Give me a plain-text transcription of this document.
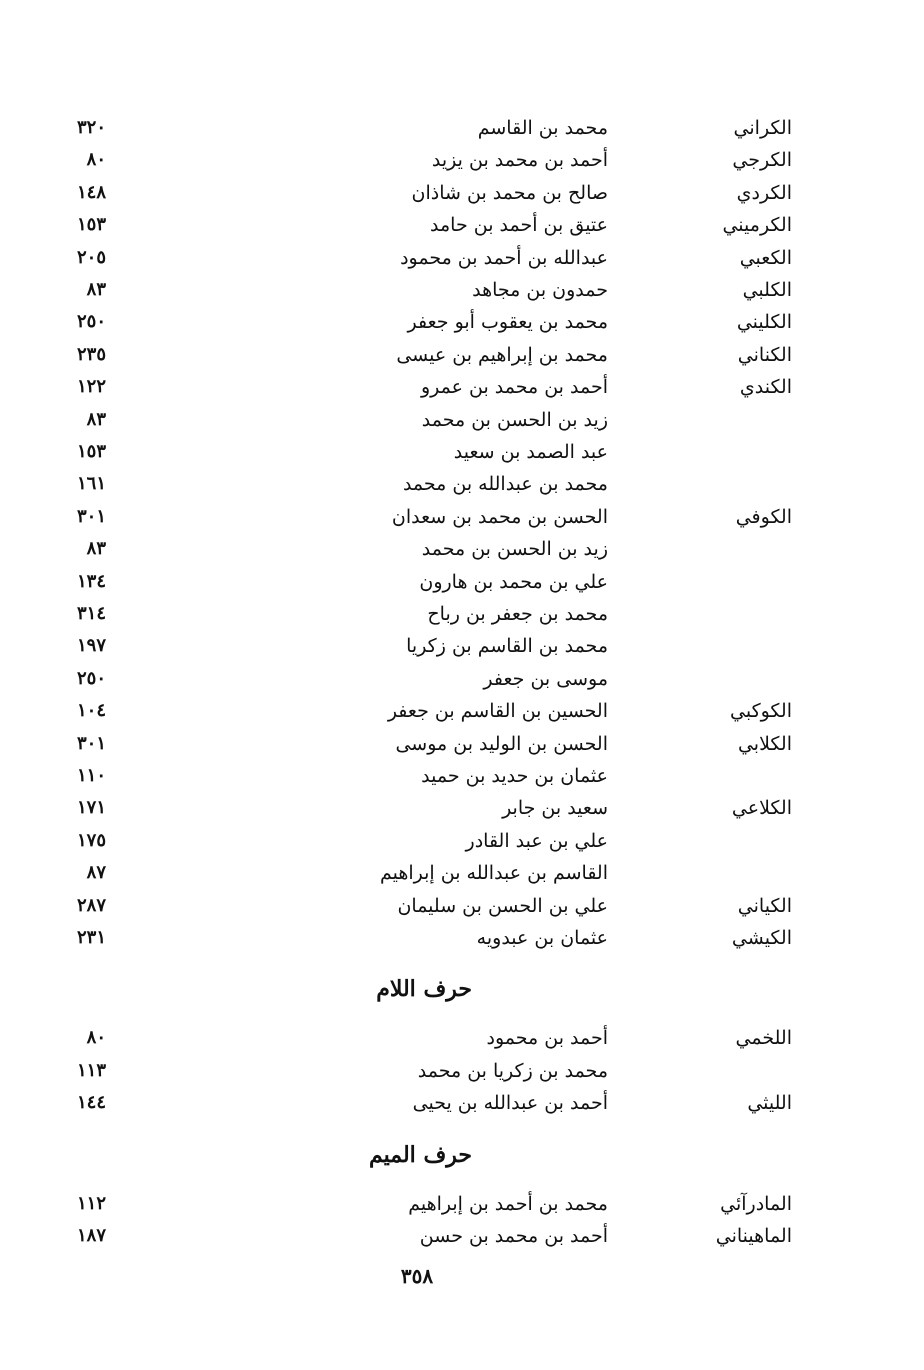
الكراني
محمد بن القاسم
٣٢٠
الكرجي
أحمد بن محمد بن يزيد
٨٠
الكردي
صالح بن محمد بن شاذان
١٤٨
الكرميني
عتيق بن أحمد بن حامد
١٥٣
الكعبي
عبدالله بن أحمد بن محمود
٢٠٥
الكلبي
حمدون بن مجاهد
٨٣
الكليني
محمد بن يعقوب أبو جعفر
٢٥٠
الكناني
محمد بن إبراهيم بن عيسى
٢٣٥
الكندي
أحمد بن محمد بن عمرو
١٢٢
زيد بن الحسن بن محمد
٨٣
عبد الصمد بن سعيد
١٥٣
محمد بن عبدالله بن محمد
١٦١
الكوفي
الحسن بن محمد بن سعدان
٣٠١
زيد بن الحسن بن محمد
٨٣
علي بن محمد بن هارون
١٣٤
محمد بن جعفر بن رباح
٣١٤
محمد بن القاسم بن زكريا
١٩٧
موسى بن جعفر
٢٥٠
الكوكبي
الحسين بن القاسم بن جعفر
١٠٤
الكلابي
الحسن بن الوليد بن موسى
٣٠١
عثمان بن حديد بن حميد
١١٠
الكلاعي
سعيد بن جابر
١٧١
علي بن عبد القادر
١٧٥
القاسم بن عبدالله بن إبراهيم
٨٧
الكياني
علي بن الحسن بن سليمان
٢٨٧
الكيشي
عثمان بن عبدويه
٢٣١
حرف اللام
اللخمي
أحمد بن محمود
٨٠
محمد بن زكريا بن محمد
١١٣
الليثي
أحمد بن عبدالله بن يحيى
١٤٤
حرف الميم
المادرآئي
محمد بن أحمد بن إبراهيم
١١٢
الماهيناني
أحمد بن محمد بن حسن
١٨٧
٣٥٨
